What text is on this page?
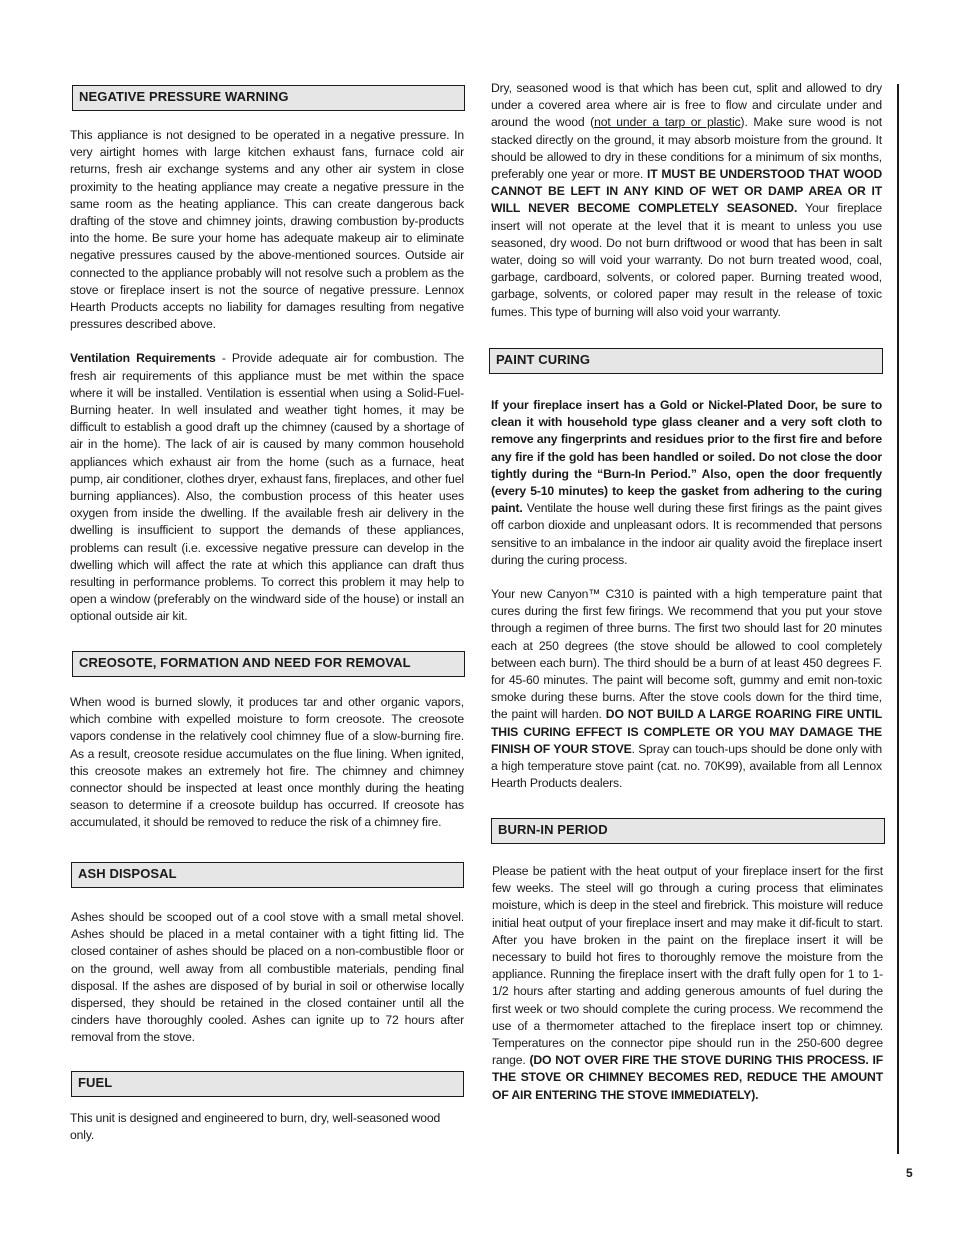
NEGATIVE PRESSURE WARNING

This appliance is not designed to be operated in a negative pressure. In very airtight homes with large kitchen exhaust fans, furnace cold air returns, fresh air exchange systems and any other air system in close proximity to the heating appliance may create a negative pressure in the same room as the heating appliance. This can create dangerous back drafting of the stove and chimney joints, drawing combustion by-products into the home. Be sure your home has adequate makeup air to eliminate negative pressures caused by the above-mentioned sources. Outside air connected to the appliance probably will not resolve such a problem as the stove or fireplace insert is not the source of negative pressure. Lennox Hearth Products accepts no liability for damages resulting from negative pressures described above.

Ventilation Requirements - Provide adequate air for combustion. The fresh air requirements of this appliance must be met within the space where it will be installed. Ventilation is essential when using a Solid-Fuel-Burning heater. In well insulated and weather tight homes, it may be difficult to establish a good draft up the chimney (caused by a shortage of air in the home). The lack of air is caused by many common household appliances which exhaust air from the home (such as a furnace, heat pump, air conditioner, clothes dryer, exhaust fans, fireplaces, and other fuel burning appliances). Also, the combustion process of this heater uses oxygen from inside the dwelling. If the available fresh air delivery in the dwelling is insufficient to support the demands of these appliances, problems can result (i.e. excessive negative pressure can develop in the dwelling which will affect the rate at which this appliance can draft thus resulting in performance problems. To correct this problem it may help to open a window (preferably on the windward side of the house) or install an optional outside air kit.

CREOSOTE, FORMATION AND NEED FOR REMOVAL

When wood is burned slowly, it produces tar and other organic vapors, which combine with expelled moisture to form creosote. The creosote vapors condense in the relatively cool chimney flue of a slow-burning fire. As a result, creosote residue accumulates on the flue lining. When ignited, this creosote makes an extremely hot fire. The chimney and chimney connector should be inspected at least once monthly during the heating season to determine if a creosote buildup has occurred. If creosote has accumulated, it should be removed to reduce the risk of a chimney fire.

ASH DISPOSAL

Ashes should be scooped out of a cool stove with a small metal shovel. Ashes should be placed in a metal container with a tight fitting lid. The closed container of ashes should be placed on a non-combustible floor or on the ground, well away from all combustible materials, pending final disposal. If the ashes are disposed of by burial in soil or otherwise locally dispersed, they should be retained in the closed container until all the cinders have thoroughly cooled. Ashes can ignite up to 72 hours after removal from the stove.

FUEL

This unit is designed and engineered to burn, dry, well-seasoned wood only.

Dry, seasoned wood is that which has been cut, split and allowed to dry under a covered area where air is free to flow and circulate under and around the wood (not under a tarp or plastic). Make sure wood is not stacked directly on the ground, it may absorb moisture from the ground. It should be allowed to dry in these conditions for a minimum of six months, preferably one year or more. IT MUST BE UNDERSTOOD THAT WOOD CANNOT BE LEFT IN ANY KIND OF WET OR DAMP AREA OR IT WILL NEVER BECOME COMPLETELY SEASONED. Your fireplace insert will not operate at the level that it is meant to unless you use seasoned, dry wood. Do not burn driftwood or wood that has been in salt water, doing so will void your warranty. Do not burn treated wood, coal, garbage, cardboard, solvents, or colored paper. Burning treated wood, garbage, solvents, or colored paper may result in the release of toxic fumes. This type of burning will also void your warranty.

PAINT CURING

If your fireplace insert has a Gold or Nickel-Plated Door, be sure to clean it with household type glass cleaner and a very soft cloth to remove any fingerprints and residues prior to the first fire and before any fire if the gold has been handled or soiled. Do not close the door tightly during the “Burn-In Period.” Also, open the door frequently (every 5-10 minutes) to keep the gasket from adhering to the curing paint. Ventilate the house well during these first firings as the paint gives off carbon dioxide and unpleasant odors. It is recommended that persons sensitive to an imbalance in the indoor air quality avoid the fireplace insert during the curing process.

Your new Canyon™ C310 is painted with a high temperature paint that cures during the first few firings. We recommend that you put your stove through a regimen of three burns. The first two should last for 20 minutes each at 250 degrees (the stove should be allowed to cool completely between each burn). The third should be a burn of at least 450 degrees F. for 45-60 minutes. The paint will become soft, gummy and emit non-toxic smoke during these burns. After the stove cools down for the third time, the paint will harden. DO NOT BUILD A LARGE ROARING FIRE UNTIL THIS CURING EFFECT IS COMPLETE OR YOU MAY DAMAGE THE FINISH OF YOUR STOVE. Spray can touch-ups should be done only with a high temperature stove paint (cat. no. 70K99), available from all Lennox Hearth Products dealers.

BURN-IN PERIOD

Please be patient with the heat output of your fireplace insert for the first few weeks. The steel will go through a curing process that eliminates moisture, which is deep in the steel and firebrick. This moisture will reduce initial heat output of your fireplace insert and may make it dif-ficult to start. After you have broken in the paint on the fireplace insert it will be necessary to build hot fires to thoroughly remove the moisture from the appliance. Running the fireplace insert with the draft fully open for 1 to 1-1/2 hours after starting and adding generous amounts of fuel during the first week or two should complete the curing process. We recommend the use of a thermometer attached to the fireplace insert top or chimney. Temperatures on the connector pipe should run in the 250-600 degree range. (DO NOT OVER FIRE THE STOVE DURING THIS PROCESS. IF THE STOVE OR CHIMNEY BECOMES RED, REDUCE THE AMOUNT OF AIR ENTERING THE STOVE IMMEDIATELY).

5
